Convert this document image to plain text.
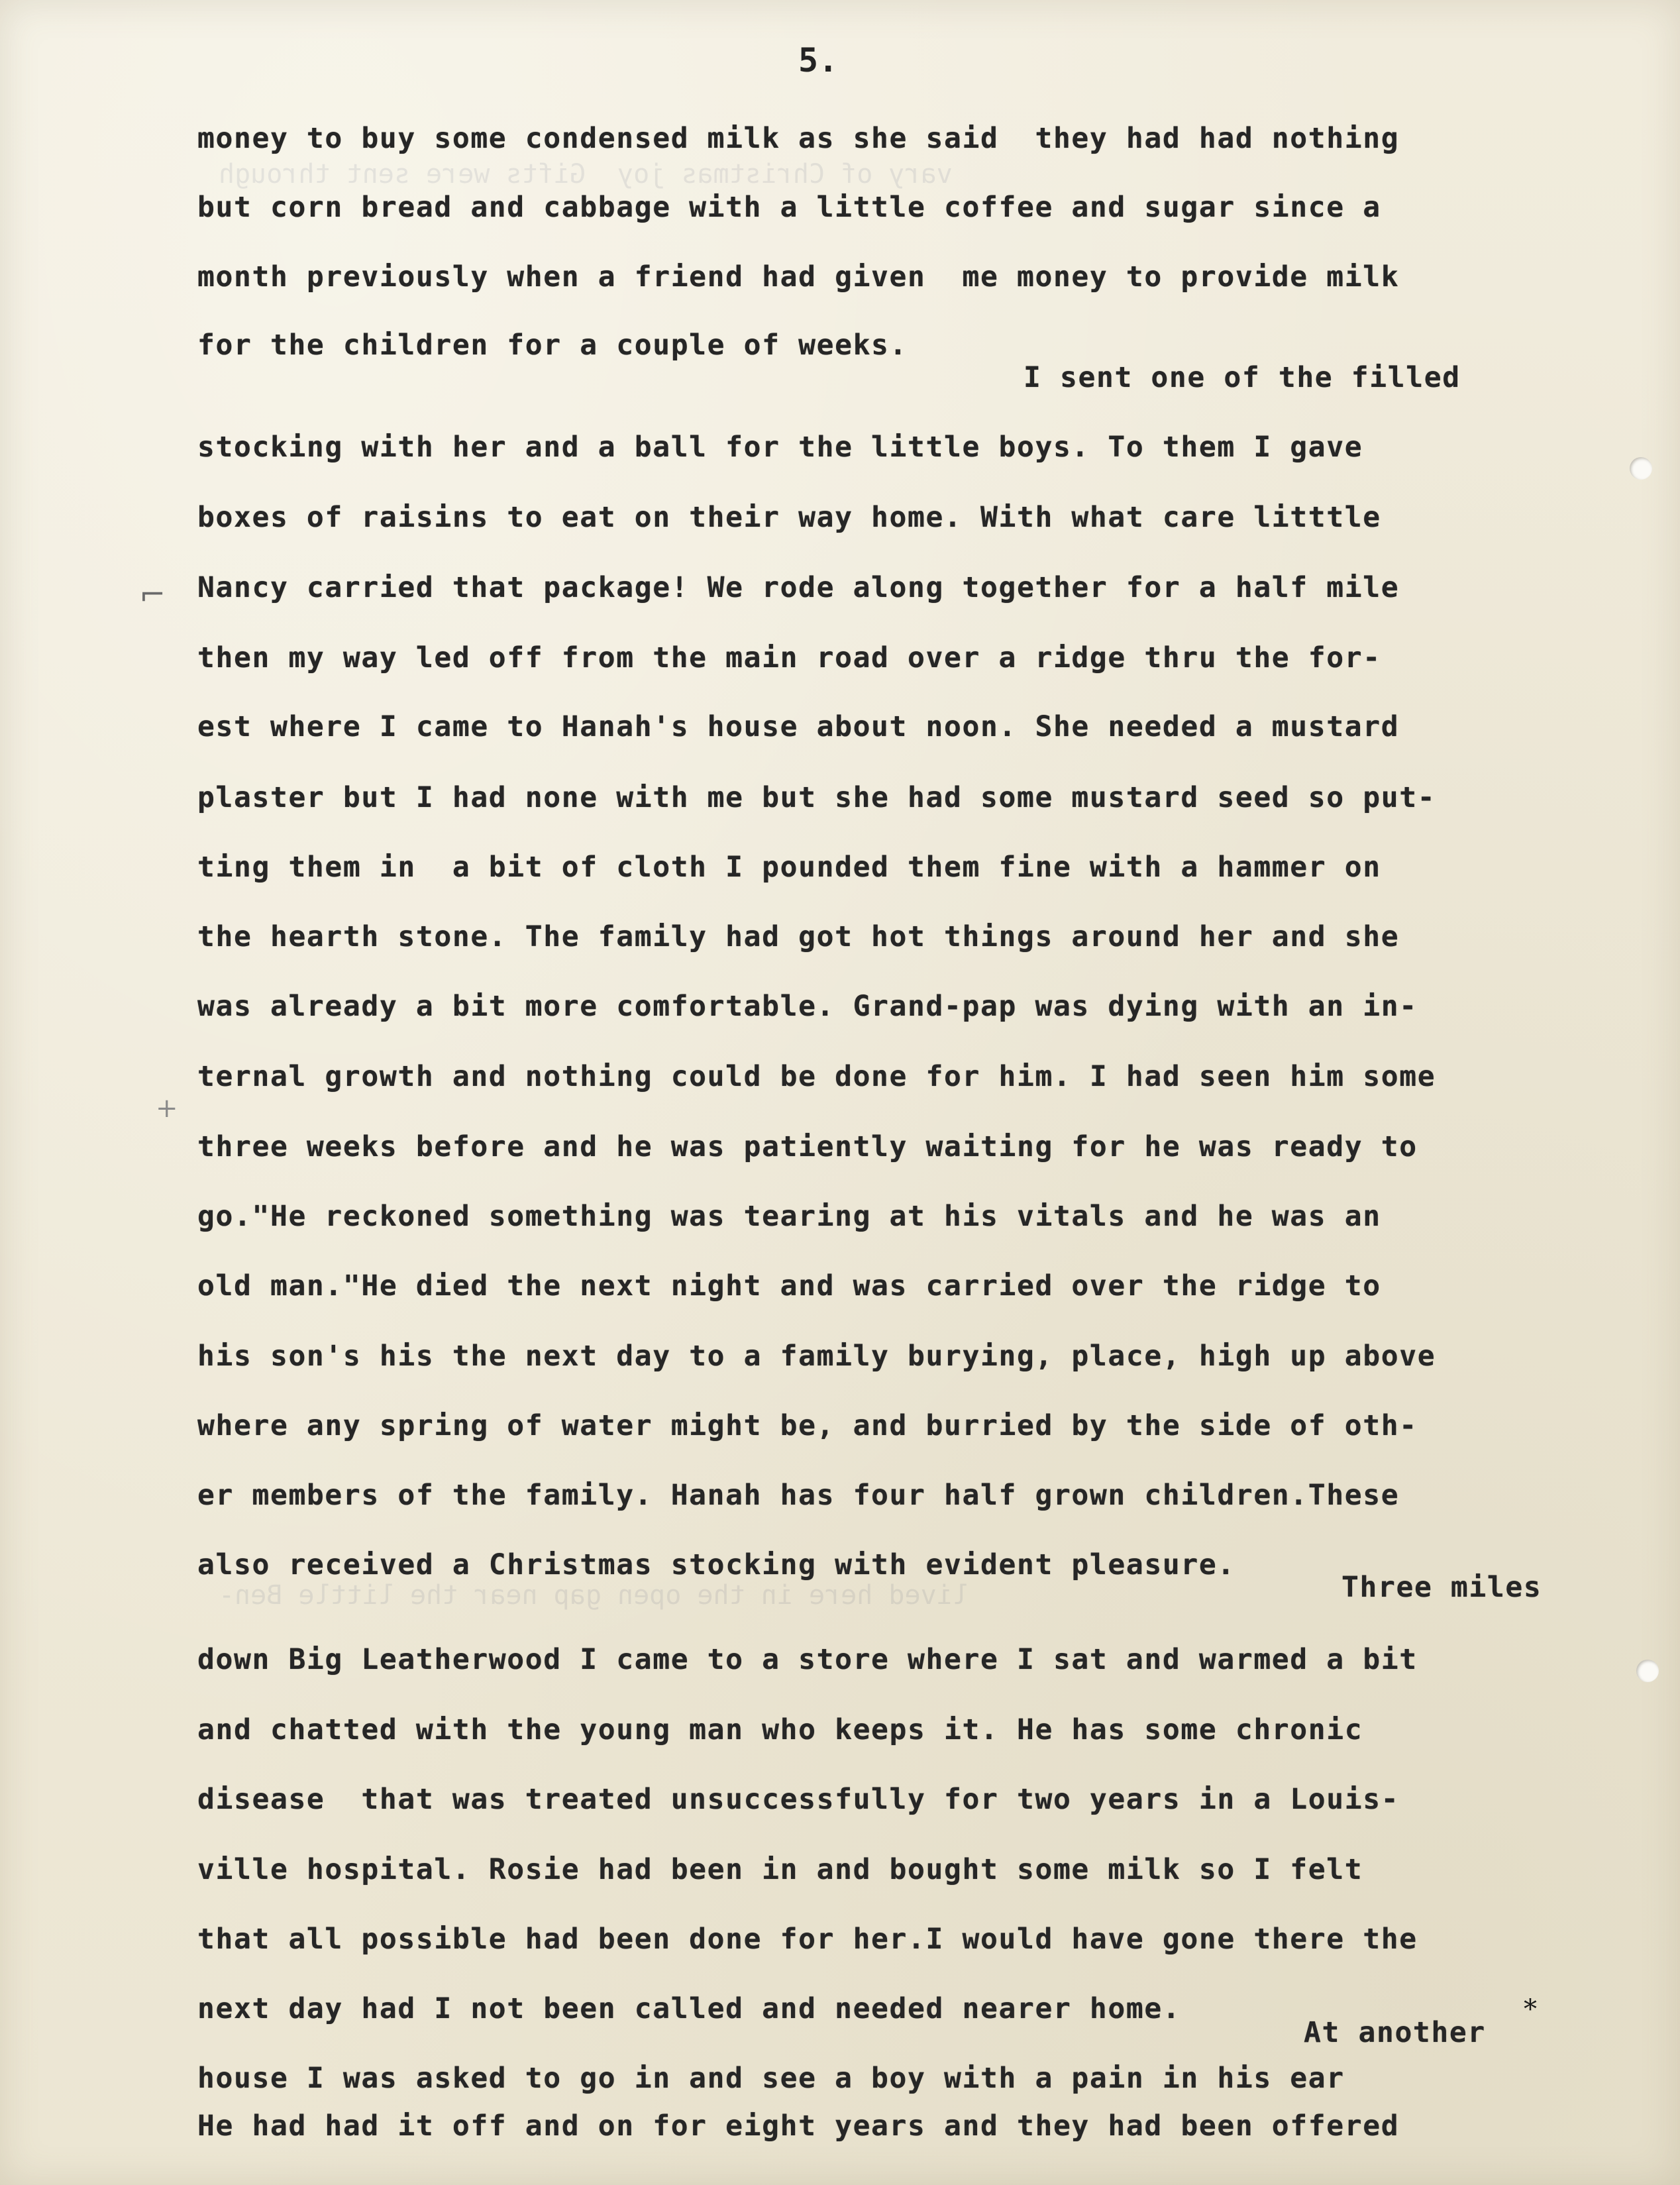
vary of Christmas joy  Gifts were sent through
lived here in the open gap near the little Ben-
5.
money to buy some condensed milk as she said  they had had nothing
but corn bread and cabbage with a little coffee and sugar since a
month previously when a friend had given  me money to provide milk
for the children for a couple of weeks.
I sent one of the filled
stocking with her and a ball for the little boys. To them I gave
boxes of raisins to eat on their way home. With what care litttle
Nancy carried that package! We rode along together for a half mile
then my way led off from the main road over a ridge thru the for-
est where I came to Hanah's house about noon. She needed a mustard
plaster but I had none with me but she had some mustard seed so put-
ting them in  a bit of cloth I pounded them fine with a hammer on
the hearth stone. The family had got hot things around her and she
was already a bit more comfortable. Grand-pap was dying with an in-
ternal growth and nothing could be done for him. I had seen him some
three weeks before and he was patiently waiting for he was ready to
go."He reckoned something was tearing at his vitals and he was an
old man."He died the next night and was carried over the ridge to
his son's his the next day to a family burying, place, high up above
where any spring of water might be, and burried by the side of oth-
er members of the family. Hanah has four half grown children.These
also received a Christmas stocking with evident pleasure.
Three miles
down Big Leatherwood I came to a store where I sat and warmed a bit
and chatted with the young man who keeps it. He has some chronic
disease  that was treated unsuccessfully for two years in a Louis-
ville hospital. Rosie had been in and bought some milk so I felt
that all possible had been done for her.I would have gone there the
next day had I not been called and needed nearer home.
At another
house I was asked to go in and see a boy with a pain in his ear
He had had it off and on for eight years and they had been offered
⌐
+
*
